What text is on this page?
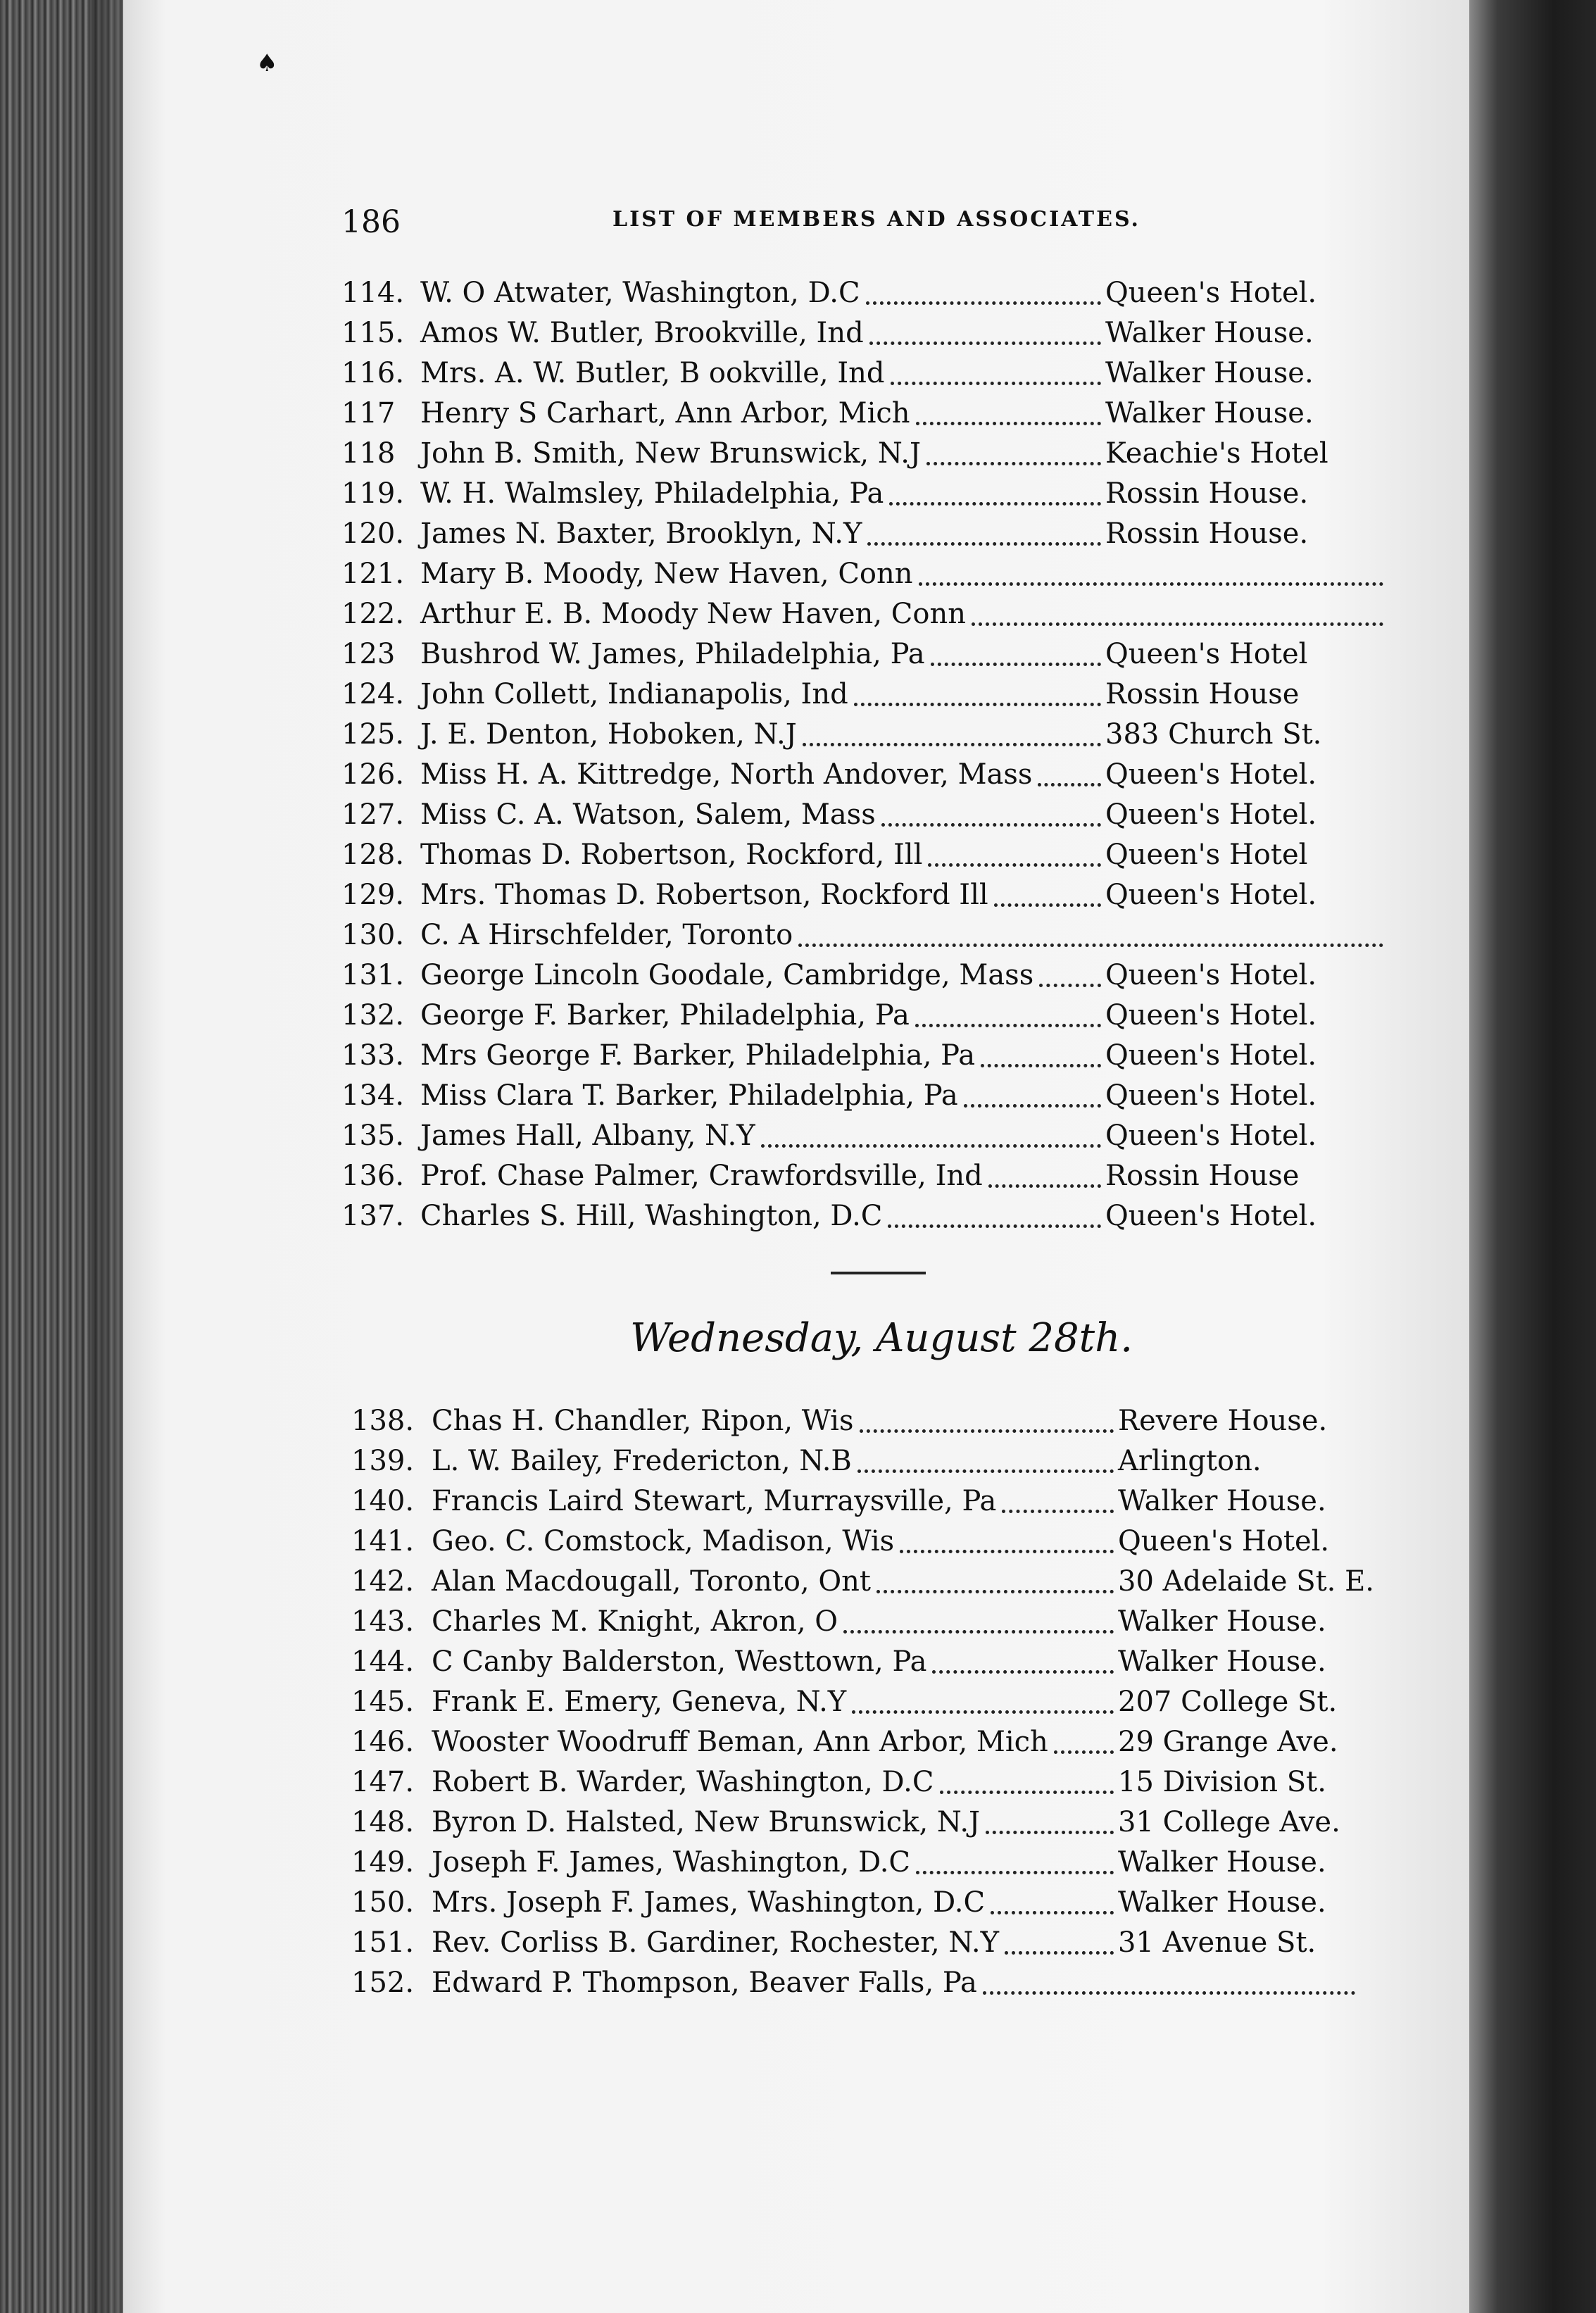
♠
186	LIST OF MEMBERS AND ASSOCIATES.
114. W. O Atwater, Washington, D.C	Queen's Hotel.
115. Amos W. Butler, Brookville, Ind	Walker House.
116. Mrs. A. W. Butler, B ookville, Ind	Walker House.
117 Henry S Carhart, Ann Arbor, Mich	Walker House.
118 John B. Smith, New Brunswick, N.J	Keachie's Hotel
119. W. H. Walmsley, Philadelphia, Pa	Rossin House.
120. James N. Baxter, Brooklyn, N.Y	Rossin House.
121. Mary B. Moody, New Haven, Conn
122. Arthur E. B. Moody New Haven, Conn
123 Bushrod W. James, Philadelphia, Pa	Queen's Hotel
124. John Collett, Indianapolis, Ind	Rossin House
125. J. E. Denton, Hoboken, N.J	383 Church St.
126. Miss H. A. Kittredge, North Andover, Mass	Queen's Hotel.
127. Miss C. A. Watson, Salem, Mass	Queen's Hotel.
128. Thomas D. Robertson, Rockford, Ill	Queen's Hotel
129. Mrs. Thomas D. Robertson, Rockford Ill	Queen's Hotel.
130. C. A Hirschfelder, Toronto
131. George Lincoln Goodale, Cambridge, Mass	Queen's Hotel.
132. George F. Barker, Philadelphia, Pa	Queen's Hotel.
133. Mrs George F. Barker, Philadelphia, Pa	Queen's Hotel.
134. Miss Clara T. Barker, Philadelphia, Pa	Queen's Hotel.
135. James Hall, Albany, N.Y	Queen's Hotel.
136. Prof. Chase Palmer, Crawfordsville, Ind	Rossin House
137. Charles S. Hill, Washington, D.C	Queen's Hotel.
Wednesday, August 28th.
138. Chas H. Chandler, Ripon, Wis	Revere House.
139. L. W. Bailey, Fredericton, N.B	Arlington.
140. Francis Laird Stewart, Murraysville, Pa	Walker House.
141. Geo. C. Comstock, Madison, Wis	Queen's Hotel.
142. Alan Macdougall, Toronto, Ont	30 Adelaide St. E.
143. Charles M. Knight, Akron, O	Walker House.
144. C Canby Balderston, Westtown, Pa	Walker House.
145. Frank E. Emery, Geneva, N.Y	207 College St.
146. Wooster Woodruff Beman, Ann Arbor, Mich 29 Grange Ave.
147. Robert B. Warder, Washington, D.C	15 Division St.
148. Byron D. Halsted, New Brunswick, N.J	31 College Ave.
149. Joseph F. James, Washington, D.C	Walker House.
150. Mrs. Joseph F. James, Washington, D.C	Walker House.
151. Rev. Corliss B. Gardiner, Rochester, N.Y	31 Avenue St.
152. Edward P. Thompson, Beaver Falls, Pa
